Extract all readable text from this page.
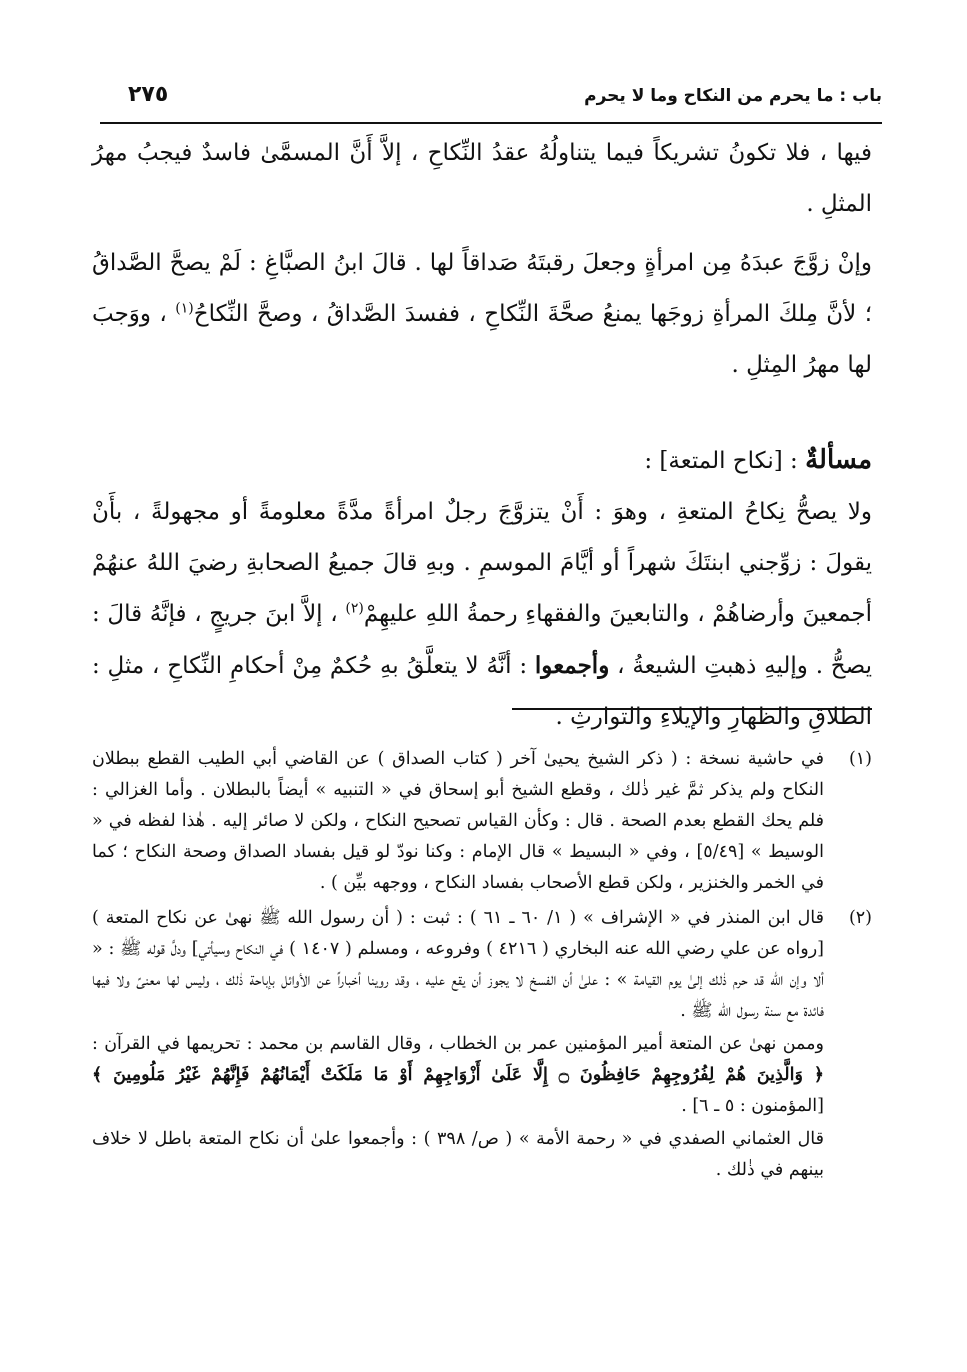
باب : ما يحرم من النكاح وما لا يحرم
٢٧٥

فيها ، فلا تكونُ تشريكاً فيما يتناولُهُ عقدُ النِّكاحِ ، إلاَّ أَنَّ المسمَّىٰ فاسدٌ فيجبُ مهرُ المثلِ .

وإنْ زوَّجَ عبدَهُ مِن امرأةٍ وجعلَ رقبتَهُ صَداقاً لها . قالَ ابنُ الصبَّاغِ : لَمْ يصحَّ الصَّداقُ ؛ لأنَّ مِلكَ المرأةِ زوجَها يمنعُ صحَّةَ النِّكاحِ ، ففسدَ الصَّداقُ ، وصحَّ النِّكاحُ$^{(١)}$ ، ووَجبَ لها مهرُ المِثلِ .

مسألةٌ : [نكاح المتعة] :

ولا يصحُّ نِكاحُ المتعةِ ، وهوَ : أَنْ يتزوَّجَ رجلٌ امرأةً مدَّةً معلومةً أو مجهولةً ، بأَنْ يقولَ : زوِّجني ابنتَكَ شهراً أو أيَّامَ الموسمِ . وبهِ قالَ جميعُ الصحابةِ رضيَ اللهُ عنهُمْ أجمعينَ وأرضاهُمْ ، والتابعينَ والفقهاءِ رحمةُ اللهِ عليهِمْ$^{(٢)}$ ، إلاَّ ابنَ جريجٍ ، فإنَّهُ قالَ : يصحُّ . وإليهِ ذهبتِ الشيعةُ ، وأجمعوا : أنَّهُ لا يتعلَّقُ بهِ حُكمٌ مِنْ أحكامِ النِّكاحِ ، مثلِ : الطلاقِ والظهارِ والإيلاءِ والتوارثِ .

(١)
في حاشية نسخة : ( ذكر الشيخ يحيىٰ آخر ( كتاب الصداق ) عن القاضي أبي الطيب القطع ببطلان النكاح ولم يذكر ثمَّ غير ذٰلك ، وقطع الشيخ أبو إسحاق في « التنبيه » أيضاً بالبطلان . وأما الغزالي : فلم يحك القطع بعدم الصحة . قال : وكأن القياس تصحيح النكاح ، ولكن لا صائر إليه . هٰذا لفظه في « الوسيط » [٥/٤٩] ، وفي « البسيط » قال الإمام : وكنا نودّ لو قيل بفساد الصداق وصحة النكاح ؛ كما في الخمر والخنزير ، ولكن قطع الأصحاب بفساد النكاح ، ووجهه بيِّن ) .
(٢)
قال ابن المنذر في « الإشراف » ( ١/ ٦٠ ـ ٦١ ) : ثبت : ( أن رسول الله ﷺ نهىٰ عن نكاح المتعة ) [رواه عن علي رضي الله عنه البخاري ( ٤٢١٦ ) وفروعه ، ومسلم ( ١٤٠٧ ) في النكاح وسيأتي] ودلَّ قوله ﷺ : « ألا وإن الله قد حرم ذٰلك إلىٰ يوم القيامة » : علىٰ أن الفسخ لا يجوز أن يقع عليه ، وقد روينا أخباراً عن الأوائل بإباحة ذٰلك ، وليس لها معنىً ولا فيها فائدة مع سنة رسول الله ﷺ .

وممن نهىٰ عن المتعة أمير المؤمنين عمر بن الخطاب ، وقال القاسم بن محمد : تحريمها في القرآن : ﴿ وَالَّذِينَ هُمْ لِفُرُوجِهِمْ حَافِظُونَ ۝ إِلَّا عَلَىٰ أَزْوَاجِهِمْ أَوْ مَا مَلَكَتْ أَيْمَانُهُمْ فَإِنَّهُمْ غَيْرُ مَلُومِينَ ﴾ [المؤمنون : ٥ ـ ٦] .

قال العثماني الصفدي في « رحمة الأمة » ( ص/ ٣٩٨ ) : وأجمعوا علىٰ أن نكاح المتعة باطل لا خلاف بينهم في ذٰلك .
